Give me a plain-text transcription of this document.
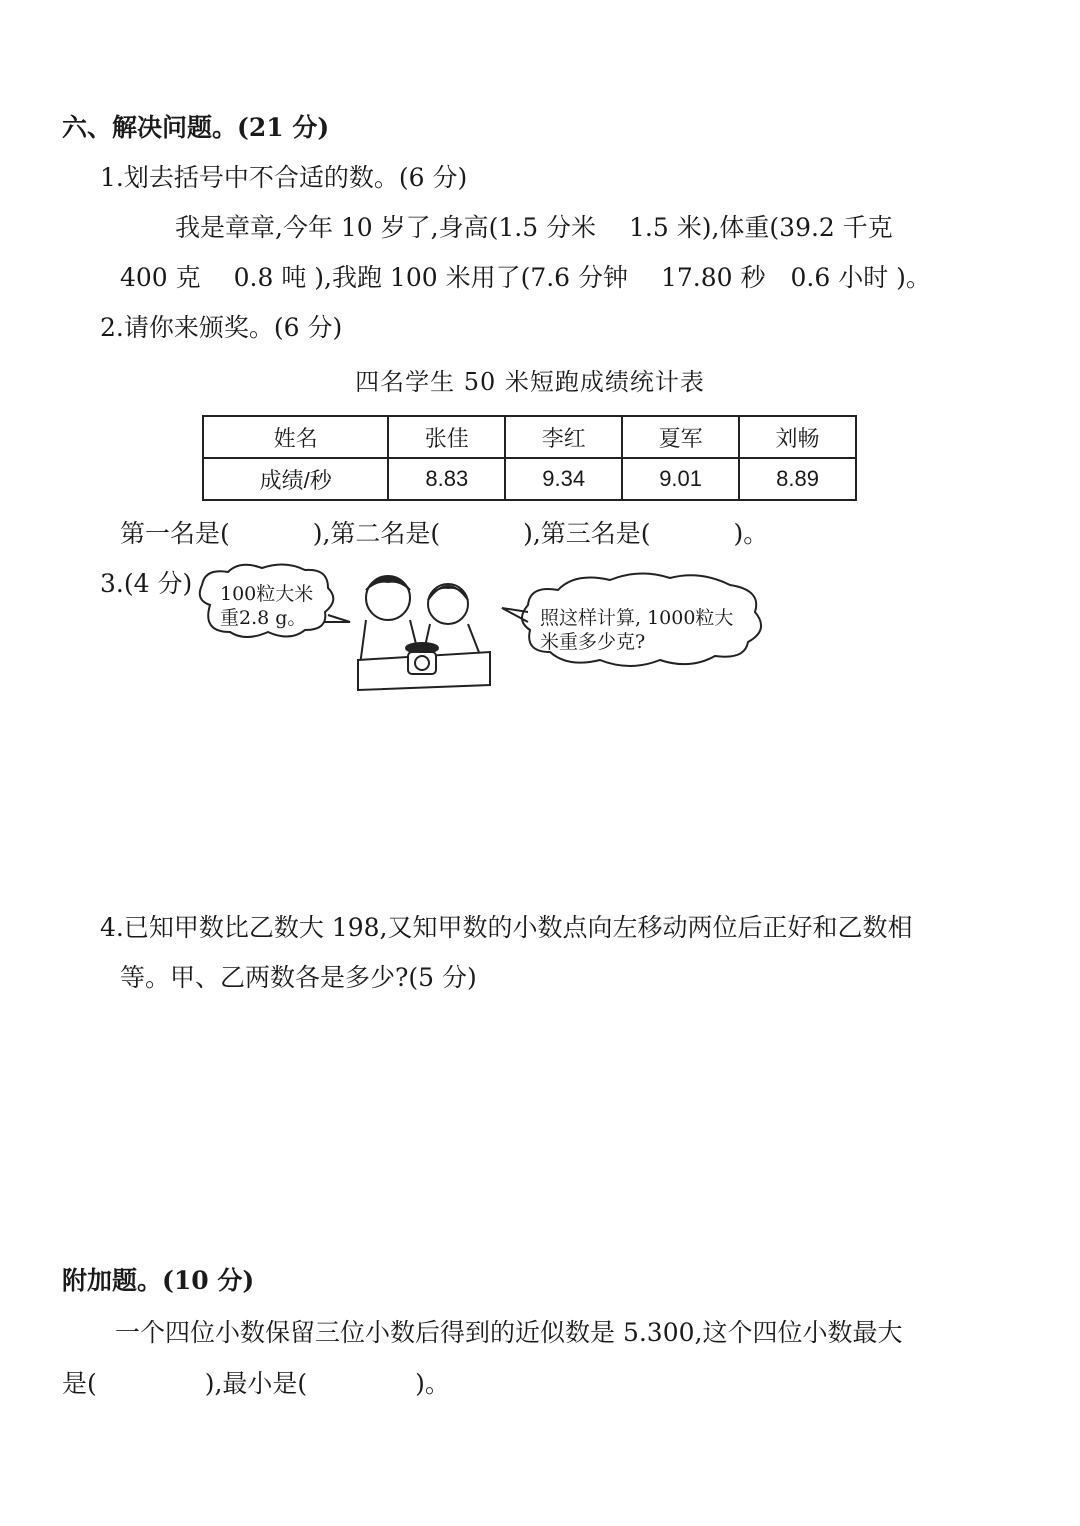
六、解决问题。(21 分)
1.划去括号中不合适的数。(6 分)
我是章章,今年 10 岁了,身高(1.5 分米　 1.5 米),体重(39.2 千克
400 克　 0.8 吨 ),我跑 100 米用了(7.6 分钟　 17.80 秒　0.6 小时 )。
2.请你来颁奖。(6 分)
四名学生 50 米短跑成绩统计表
姓名	张佳	李红	夏军	刘畅
成绩/秒	8.83	9.34	9.01	8.89
第一名是(　　　 ),第二名是(　　　 ),第三名是(　　　 )。
3.(4 分) 100粒大米
重2.8 g。	照这样计算, 1000粒大
米重多少克?
4.已知甲数比乙数大 198,又知甲数的小数点向左移动两位后正好和乙数相
等。甲、乙两数各是多少?(5 分)
附加题。(10 分)
一个四位小数保留三位小数后得到的近似数是 5.300,这个四位小数最大
是(　　　　 ),最小是(　　　　 )。
